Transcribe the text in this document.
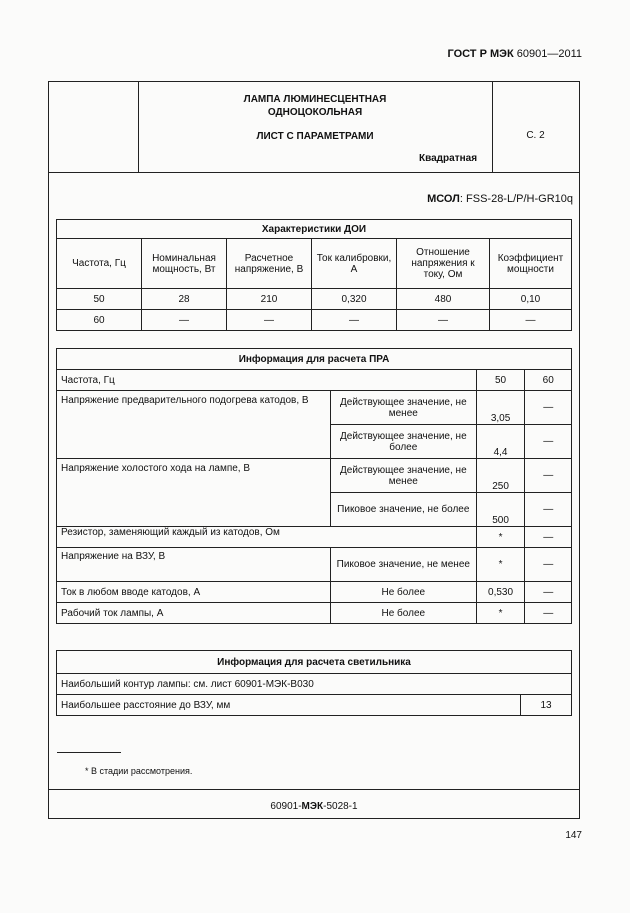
ГОСТ Р МЭК 60901—2011
ЛАМПА ЛЮМИНЕСЦЕНТНАЯ
ОДНОЦОКОЛЬНАЯ
ЛИСТ С ПАРАМЕТРАМИ
Квадратная
С. 2
МСОЛ: FSS-28-L/P/H-GR10q
* В стадии рассмотрения.
60901-МЭК-5028-1
Характеристики ДОИ					
Частота, Гц	Номинальная мощность, Вт	Расчетное напряжение, В	Ток калибровки, А	Отношение напряжения к току, Ом	Коэффициент мощности
50	28	210	0,320	480	0,10
60	—	—	—	—	—
Информация для расчета ПРА			
Частота, Гц		50	60
Напряжение предварительного подогрева катодов, В	Действующее значение, не менее	3,05	—
	Действующее значение, не более	4,4	—
Напряжение холостого хода на лампе, В	Действующее значение, не менее	250	—
	Пиковое значение, не более	500	—
Резистор, заменяющий каждый из катодов, Ом		*	—
Напряжение на ВЗУ, В	Пиковое значение, не менее	*	—
Ток в любом вводе катодов, А	Не более	0,530	—
Рабочий ток лампы, А	Не более	*	—
Информация для расчета светильника
Наибольший контур лампы: см. лист 60901-МЭК-В030
Наибольшее расстояние до ВЗУ, мм	13
147
